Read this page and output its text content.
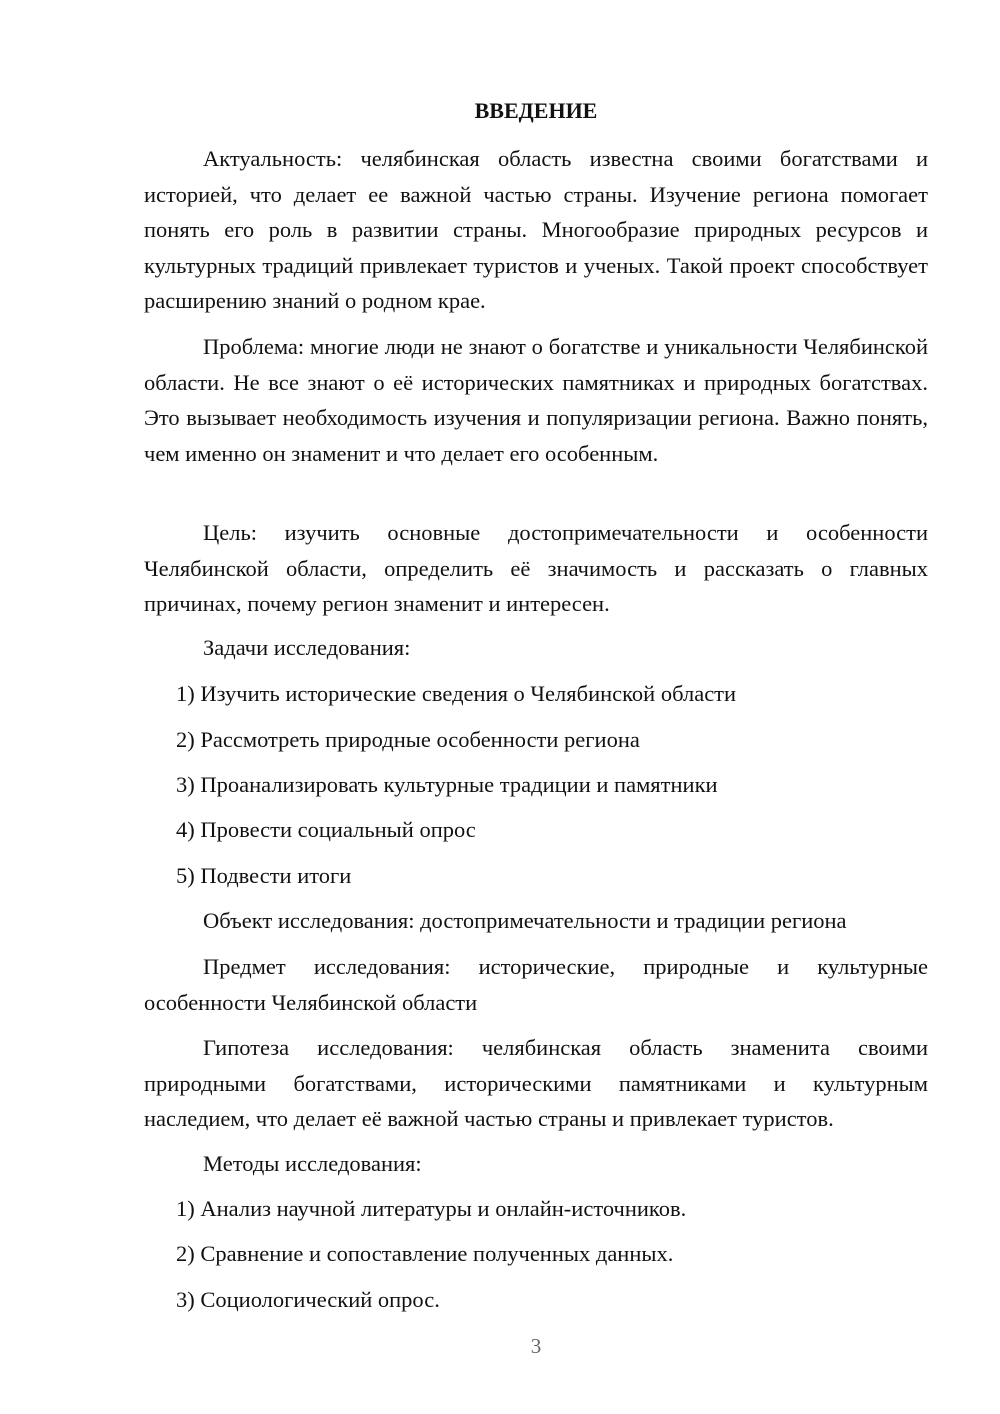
ВВЕДЕНИЕ
Актуальность: челябинская область известна своими богатствами и историей, что делает ее важной частью страны. Изучение региона помогает понять его роль в развитии страны. Многообразие природных ресурсов и культурных традиций привлекает туристов и ученых. Такой проект способствует расширению знаний о родном крае.
Проблема: многие люди не знают о богатстве и уникальности Челябинской области. Не все знают о её исторических памятниках и природных богатствах. Это вызывает необходимость изучения и популяризации региона. Важно понять, чем именно он знаменит и что делает его особенным.
Цель: изучить основные достопримечательности и особенности Челябинской области, определить её значимость и рассказать о главных причинах, почему регион знаменит и интересен.
Задачи исследования:
1) Изучить исторические сведения о Челябинской области
2) Рассмотреть природные особенности региона
3) Проанализировать культурные традиции и памятники
4) Провести социальный опрос
5) Подвести итоги
Объект исследования: достопримечательности и традиции региона
Предмет исследования: исторические, природные и культурные особенности Челябинской области
Гипотеза исследования: челябинская область знаменита своими природными богатствами, историческими памятниками и культурным наследием, что делает её важной частью страны и привлекает туристов.
Методы исследования:
1) Анализ научной литературы и онлайн-источников.
2) Сравнение и сопоставление полученных данных.
3) Социологический опрос.
3
